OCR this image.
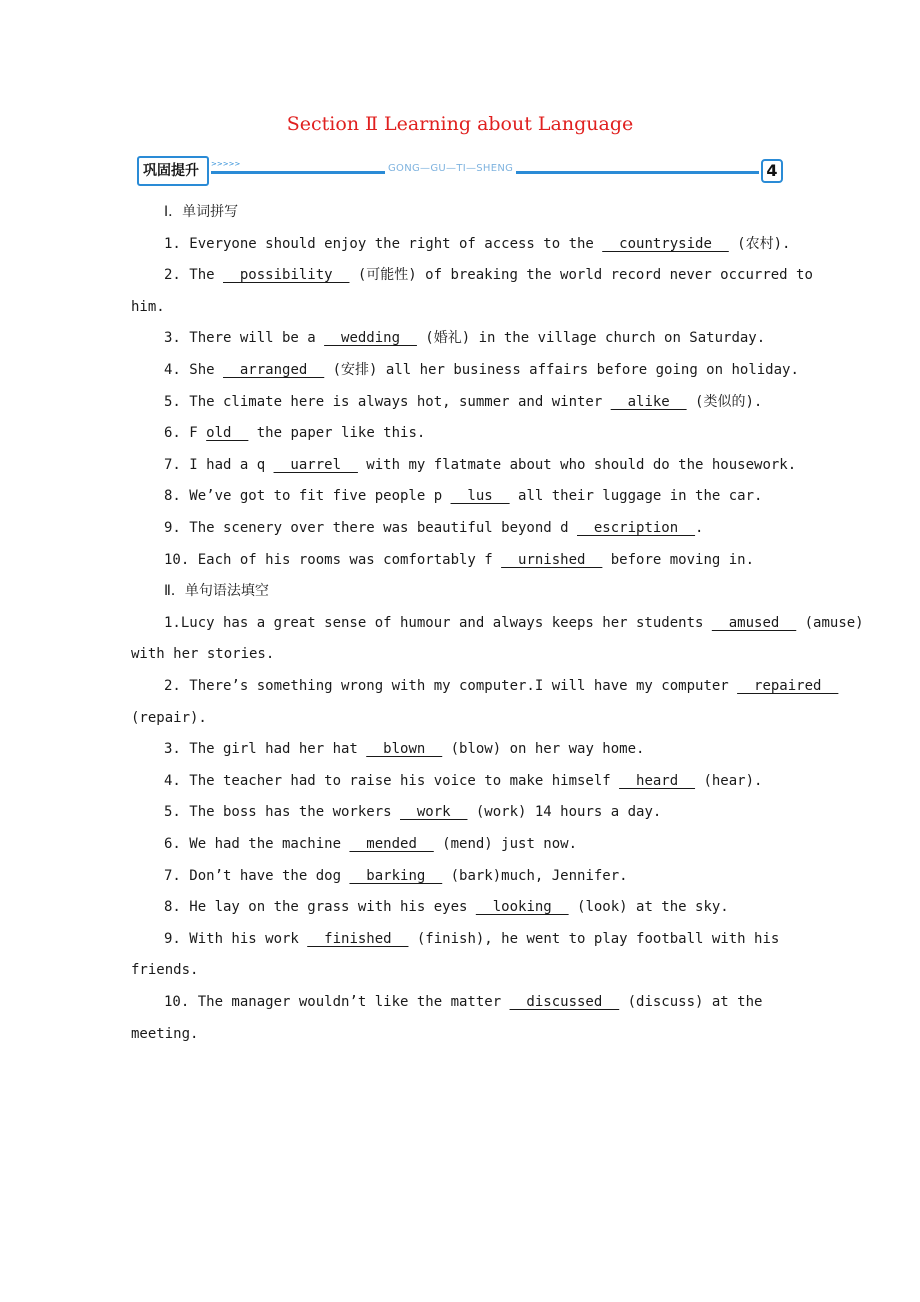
Section Ⅱ Learning about Language
巩固提升	>>>>>	GONG—GU—TI—SHENG	4
Ⅰ．单词拼写
1. Everyone should enjoy the right of access to the __countryside__ (农村).
2. The __possibility__ (可能性) of breaking the world record never occurred to
him.
3. There will be a __wedding__ (婚礼) in the village church on Saturday.
4. She __arranged__ (安排) all her business affairs before going on holiday.
5. The climate here is always hot, summer and winter __alike__ (类似的).
6. F old__ the paper like this.
7. I had a q __uarrel__ with my flatmate about who should do the housework.
8. We’ve got to fit five people p __lus__ all their luggage in the car.
9. The scenery over there was beautiful beyond d __escription__.
10. Each of his rooms was comfortably f __urnished__ before moving in.
Ⅱ．单句语法填空
1.Lucy has a great sense of humour and always keeps her students __amused__ (amuse)
with her stories.
2. There’s something wrong with my computer.I will have my computer __repaired__
(repair).
3. The girl had her hat __blown__ (blow) on her way home.
4. The teacher had to raise his voice to make himself __heard__ (hear).
5. The boss has the workers __work__ (work) 14 hours a day.
6. We had the machine __mended__ (mend) just now.
7. Don’t have the dog __barking__ (bark)much, Jennifer.
8. He lay on the grass with his eyes __looking__ (look) at the sky.
9. With his work __finished__ (finish), he went to play football with his
friends.
10. The manager wouldn’t like the matter __discussed__ (discuss) at the
meeting.
